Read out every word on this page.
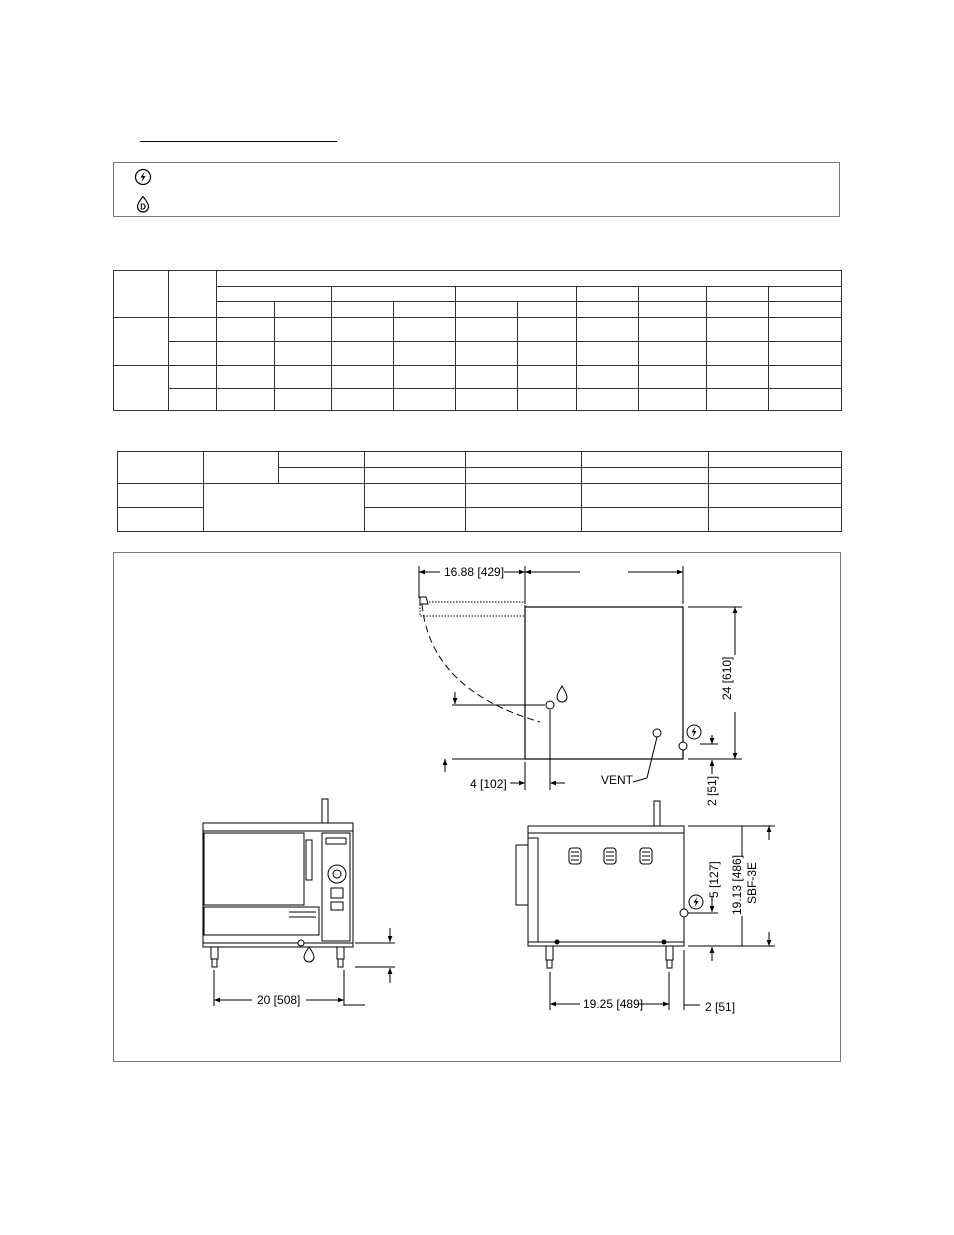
D

16.88 [429]
24 [610]
4 [102]	VENT	2 [51]
20 [508]	19.25 [489]	2 [51]
5 [127] 19.13 [486] SBF-3E
